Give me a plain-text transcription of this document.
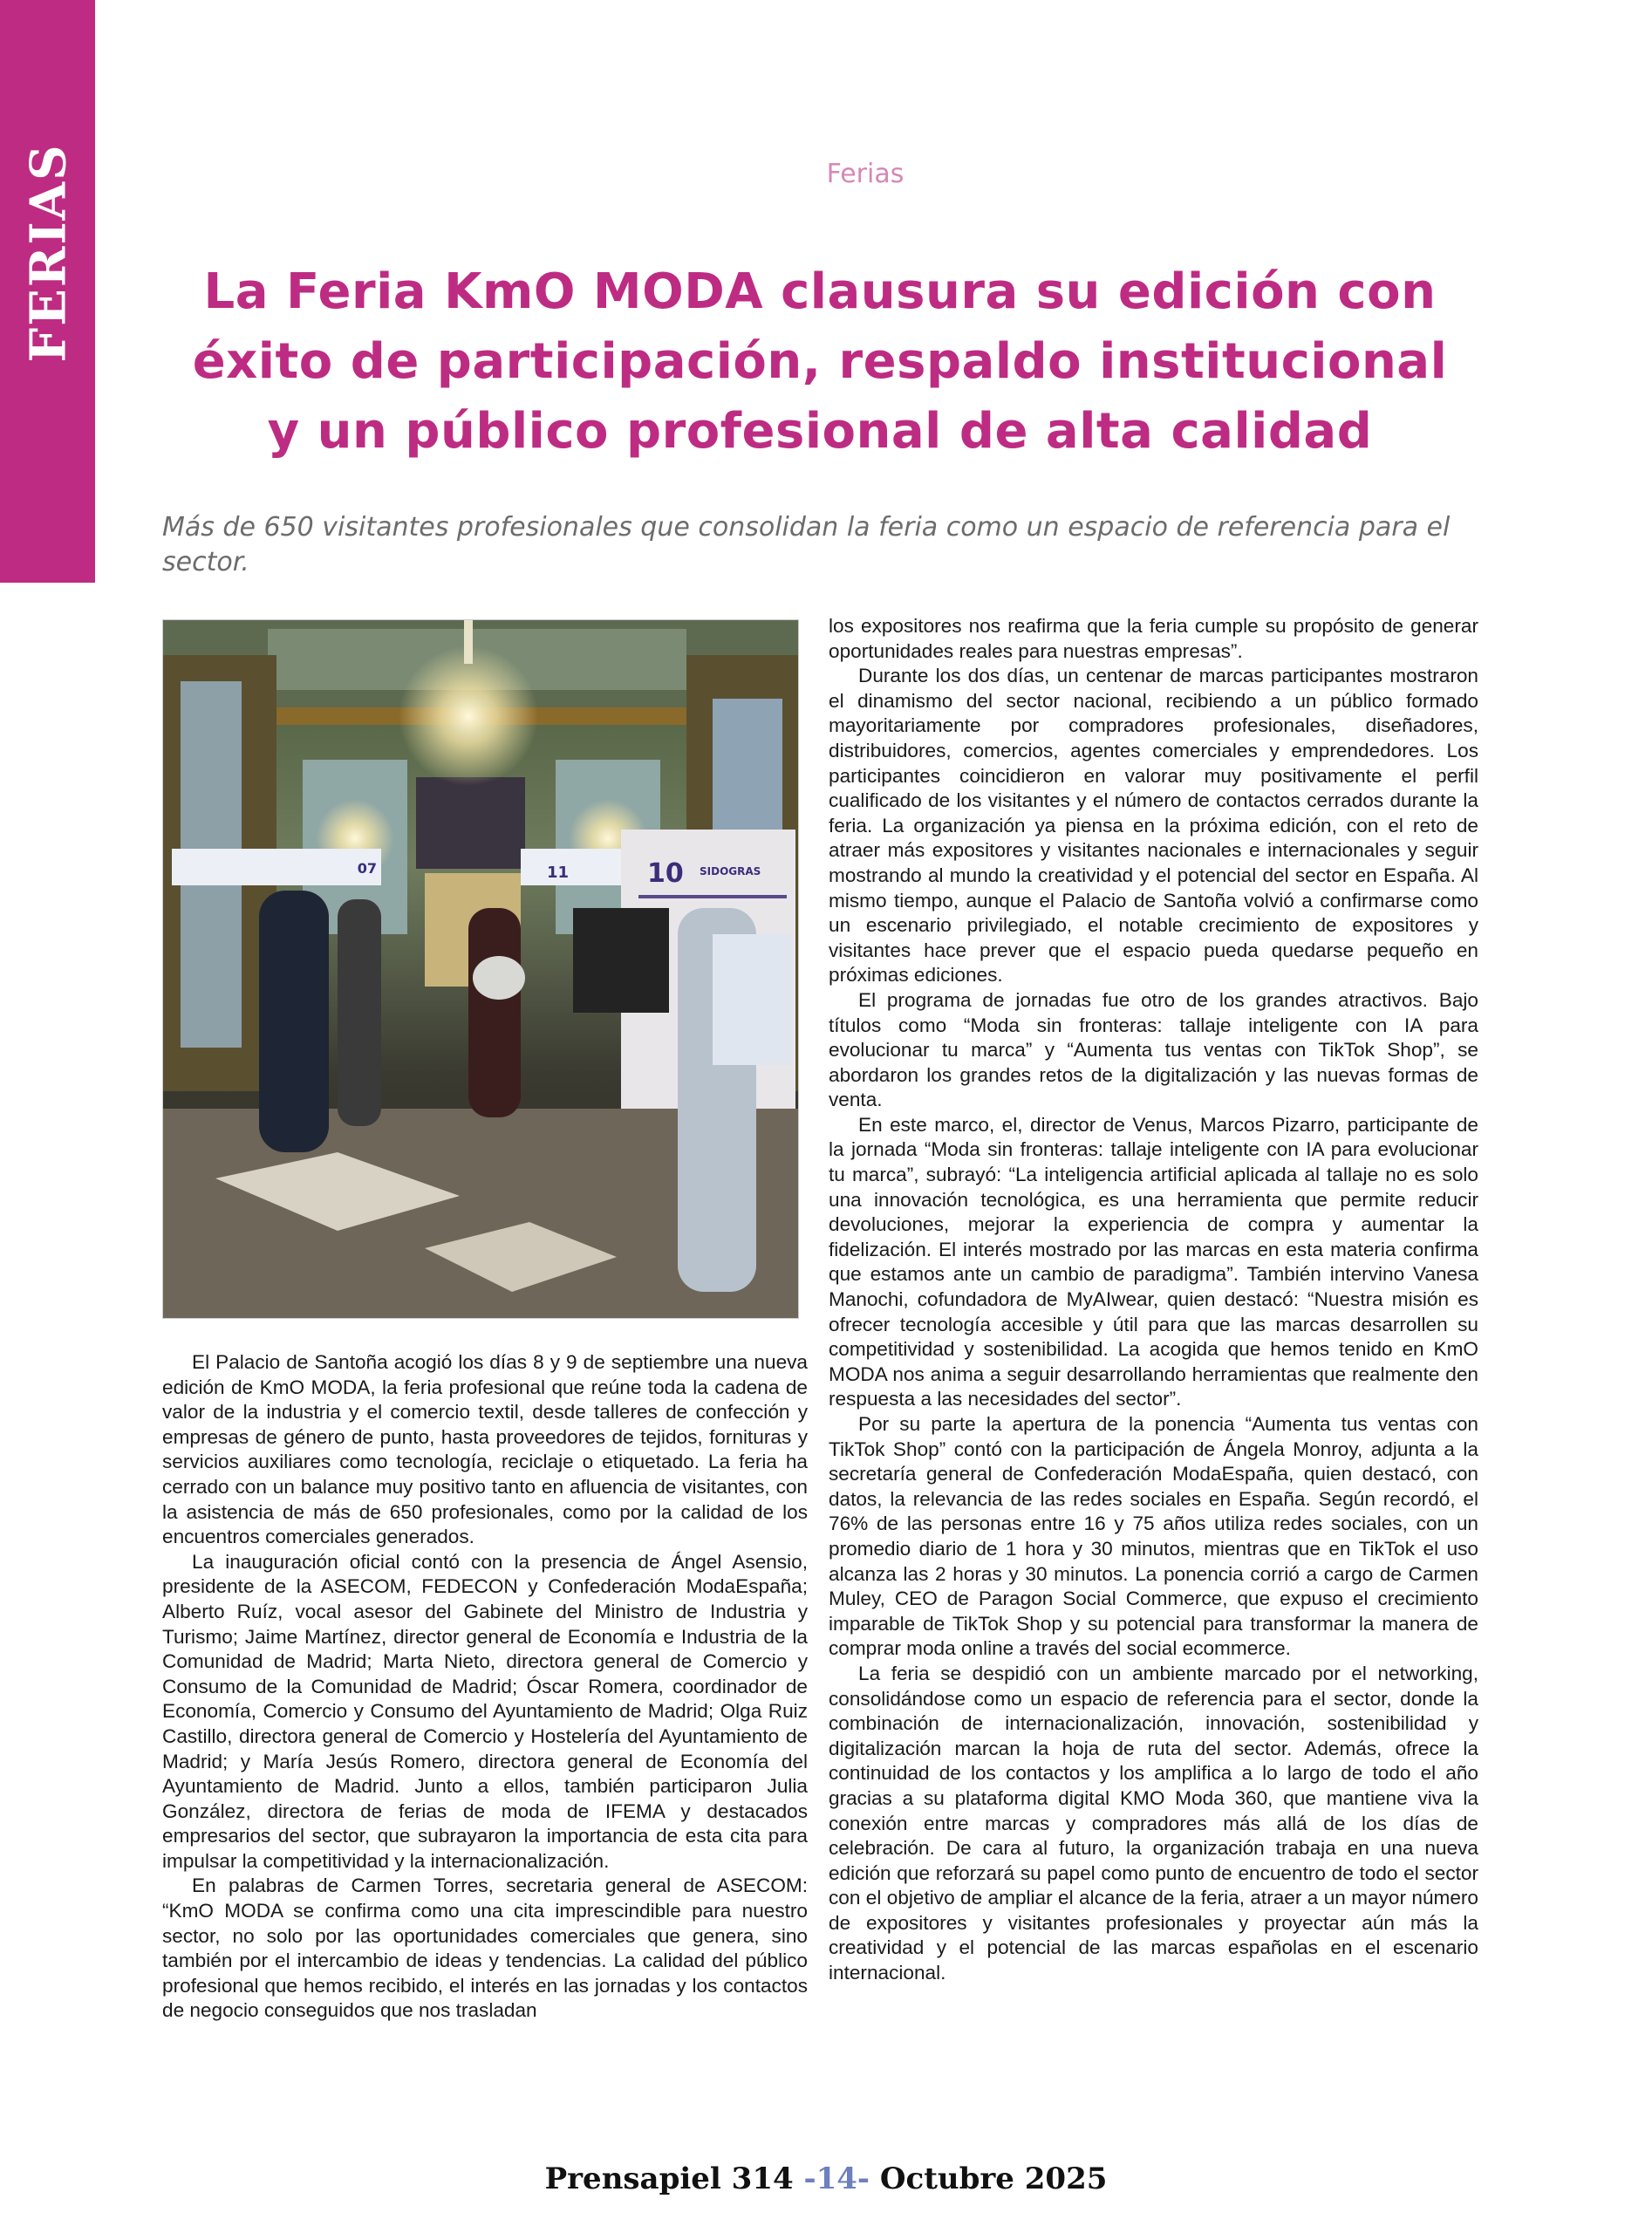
FERIAS	Ferias
La Feria KmO MODA clausura su edición con
éxito de participación, respaldo institucional
y un público profesional de alta calidad

Más de 650 visitantes profesionales que consolidan la feria como un espacio de referencia para el sector.

07	11	10 SIDOGRAS

El Palacio de Santoña acogió los días 8 y 9 de septiembre una nueva edición de KmO MODA, la feria profesional que reúne toda la cadena de valor de la industria y el comercio textil, desde talleres de confección y empresas de género de punto, hasta proveedores de tejidos, fornituras y servicios auxiliares como tecnología, reciclaje o etiquetado. La feria ha cerrado con un balance muy positivo tanto en afluencia de visitantes, con la asistencia de más de 650 profesionales, como por la calidad de los encuentros comerciales generados.

La inauguración oficial contó con la presencia de Ángel Asensio, presidente de la ASECOM, FEDECON y Confederación ModaEspaña; Alberto Ruíz, vocal asesor del Gabinete del Ministro de Industria y Turismo; Jaime Martínez, director general de Economía e Industria de la Comunidad de Madrid; Marta Nieto, directora general de Comercio y Consumo de la Comunidad de Madrid; Óscar Romera, coordinador de Economía, Comercio y Consumo del Ayuntamiento de Madrid; Olga Ruiz Castillo, directora general de Comercio y Hostelería del Ayuntamiento de Madrid; y María Jesús Romero, directora general de Economía del Ayuntamiento de Madrid. Junto a ellos, también participaron Julia González, directora de ferias de moda de IFEMA y destacados empresarios del sector, que subrayaron la importancia de esta cita para impulsar la competitividad y la internacionalización.

En palabras de Carmen Torres, secretaria general de ASECOM: “KmO MODA se confirma como una cita imprescindible para nuestro sector, no solo por las oportunidades comerciales que genera, sino también por el intercambio de ideas y tendencias. La calidad del público profesional que hemos recibido, el interés en las jornadas y los contactos de negocio conseguidos que nos trasladan

los expositores nos reafirma que la feria cumple su propósito de generar oportunidades reales para nuestras empresas”.

Durante los dos días, un centenar de marcas participantes mostraron el dinamismo del sector nacional, recibiendo a un público formado mayoritariamente por compradores profesionales, diseñadores, distribuidores, comercios, agentes comerciales y emprendedores. Los participantes coincidieron en valorar muy positivamente el perfil cualificado de los visitantes y el número de contactos cerrados durante la feria. La organización ya piensa en la próxima edición, con el reto de atraer más expositores y visitantes nacionales e internacionales y seguir mostrando al mundo la creatividad y el potencial del sector en España. Al mismo tiempo, aunque el Palacio de Santoña volvió a confirmarse como un escenario privilegiado, el notable crecimiento de expositores y visitantes hace prever que el espacio pueda quedarse pequeño en próximas ediciones.

El programa de jornadas fue otro de los grandes atractivos. Bajo títulos como “Moda sin fronteras: tallaje inteligente con IA para evolucionar tu marca” y “Aumenta tus ventas con TikTok Shop”, se abordaron los grandes retos de la digitalización y las nuevas formas de venta.

En este marco, el, director de Venus, Marcos Pizarro, participante de la jornada “Moda sin fronteras: tallaje inteligente con IA para evolucionar tu marca”, subrayó: “La inteligencia artificial aplicada al tallaje no es solo una innovación tecnológica, es una herramienta que permite reducir devoluciones, mejorar la experiencia de compra y aumentar la fidelización. El interés mostrado por las marcas en esta materia confirma que estamos ante un cambio de paradigma”. También intervino Vanesa Manochi, cofundadora de MyAIwear, quien destacó: “Nuestra misión es ofrecer tecnología accesible y útil para que las marcas desarrollen su competitividad y sostenibilidad. La acogida que hemos tenido en KmO MODA nos anima a seguir desarrollando herramientas que realmente den respuesta a las necesidades del sector”.

Por su parte la apertura de la ponencia “Aumenta tus ventas con TikTok Shop” contó con la participación de Ángela Monroy, adjunta a la secretaría general de Confederación ModaEspaña, quien destacó, con datos, la relevancia de las redes sociales en España. Según recordó, el 76% de las personas entre 16 y 75 años utiliza redes sociales, con un promedio diario de 1 hora y 30 minutos, mientras que en TikTok el uso alcanza las 2 horas y 30 minutos. La ponencia corrió a cargo de Carmen Muley, CEO de Paragon Social Commerce, que expuso el crecimiento imparable de TikTok Shop y su potencial para transformar la manera de comprar moda online a través del social ecommerce.

La feria se despidió con un ambiente marcado por el networking, consolidándose como un espacio de referencia para el sector, donde la combinación de internacionalización, innovación, sostenibilidad y digitalización marcan la hoja de ruta del sector. Además, ofrece la continuidad de los contactos y los amplifica a lo largo de todo el año gracias a su plataforma digital KMO Moda 360, que mantiene viva la conexión entre marcas y compradores más allá de los días de celebración. De cara al futuro, la organización trabaja en una nueva edición que reforzará su papel como punto de encuentro de todo el sector con el objetivo de ampliar el alcance de la feria, atraer a un mayor número de expositores y visitantes profesionales y proyectar aún más la creatividad y el potencial de las marcas españolas en el escenario internacional.

Prensapiel 314 -14- Octubre 2025
